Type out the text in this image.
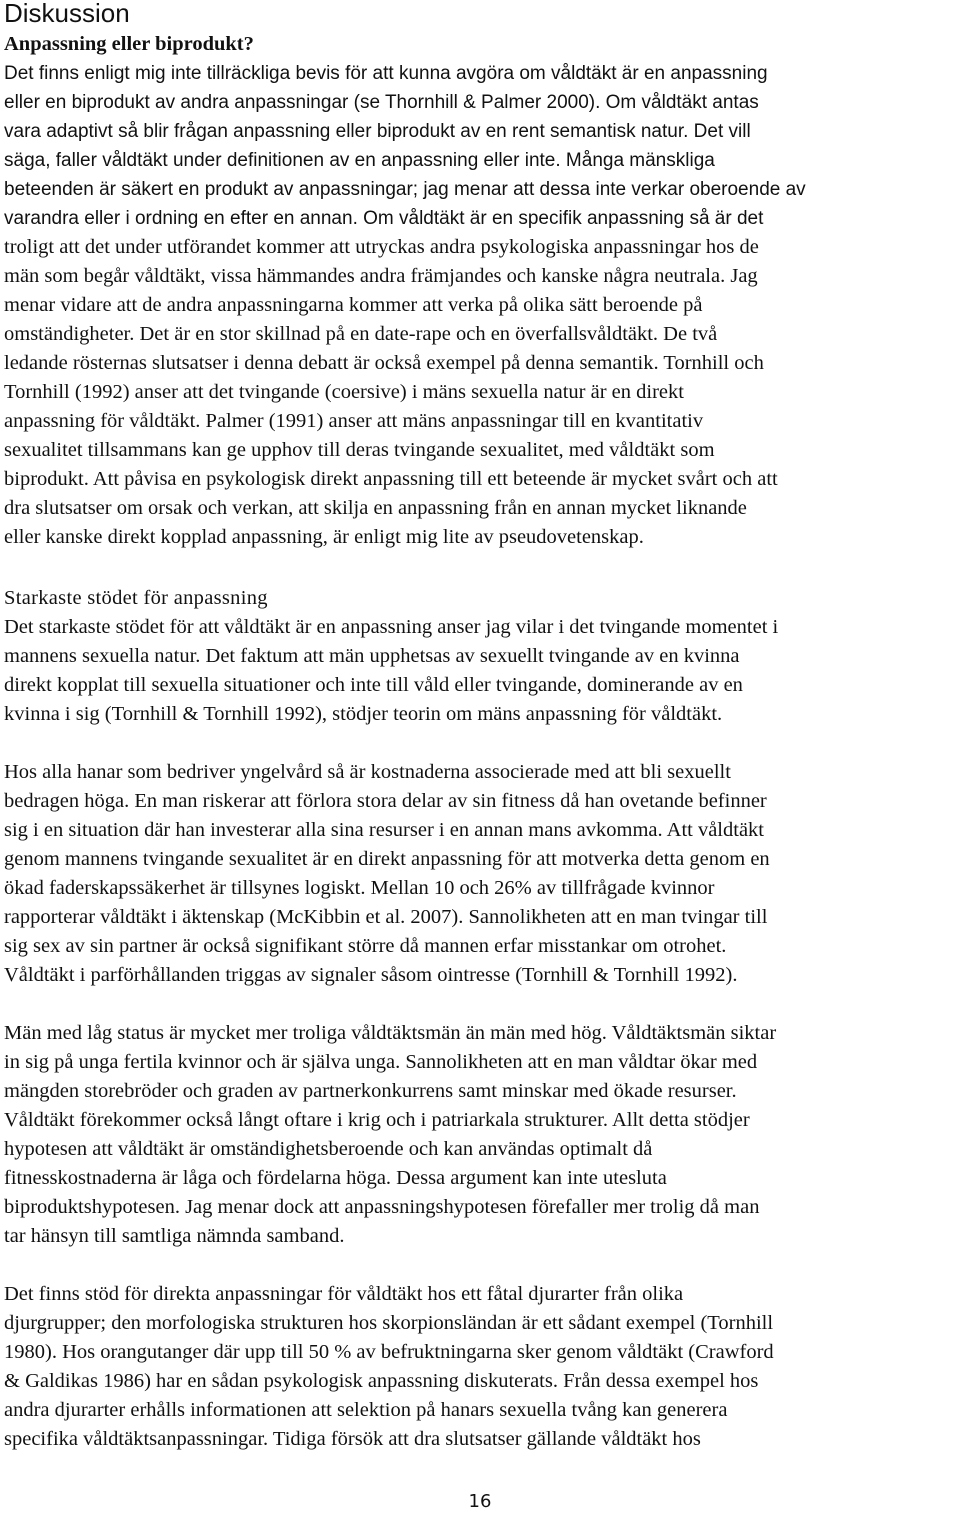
Diskussion
Anpassning eller biprodukt?
Det finns enligt mig inte tillräckliga bevis för att kunna avgöra om våldtäkt är en anpassning
eller en biprodukt av andra anpassningar (se Thornhill & Palmer 2000). Om våldtäkt antas
vara adaptivt så blir frågan anpassning eller biprodukt av en rent semantisk natur. Det vill
säga, faller våldtäkt under definitionen av en anpassning eller inte. Många mänskliga
beteenden är säkert en produkt av anpassningar; jag menar att dessa inte verkar oberoende av
varandra eller i ordning en efter en annan. Om våldtäkt är en specifik anpassning så är det
troligt att det under utförandet kommer att utryckas andra psykologiska anpassningar hos de
män som begår våldtäkt, vissa hämmandes andra främjandes och kanske några neutrala. Jag
menar vidare att de andra anpassningarna kommer att verka på olika sätt beroende på
omständigheter. Det är en stor skillnad på en date-rape och en överfallsvåldtäkt. De två
ledande rösternas slutsatser i denna debatt är också exempel på denna semantik. Tornhill och
Tornhill (1992) anser att det tvingande (coersive) i mäns sexuella natur är en direkt
anpassning för våldtäkt. Palmer (1991) anser att mäns anpassningar till en kvantitativ
sexualitet tillsammans kan ge upphov till deras tvingande sexualitet, med våldtäkt som
biprodukt. Att påvisa en psykologisk direkt anpassning till ett beteende är mycket svårt och att
dra slutsatser om orsak och verkan, att skilja en anpassning från en annan mycket liknande
eller kanske direkt kopplad anpassning, är enligt mig lite av pseudovetenskap.
Starkaste stödet för anpassning
Det starkaste stödet för att våldtäkt är en anpassning anser jag vilar i det tvingande momentet i
mannens sexuella natur. Det faktum att män upphetsas av sexuellt tvingande av en kvinna
direkt kopplat till sexuella situationer och inte till våld eller tvingande, dominerande av en
kvinna i sig (Tornhill & Tornhill 1992), stödjer teorin om mäns anpassning för våldtäkt.
Hos alla hanar som bedriver yngelvård så är kostnaderna associerade med att bli sexuellt
bedragen höga. En man riskerar att förlora stora delar av sin fitness då han ovetande befinner
sig i en situation där han investerar alla sina resurser i en annan mans avkomma. Att våldtäkt
genom mannens tvingande sexualitet är en direkt anpassning för att motverka detta genom en
ökad faderskapssäkerhet är tillsynes logiskt. Mellan 10 och 26% av tillfrågade kvinnor
rapporterar våldtäkt i äktenskap (McKibbin et al. 2007). Sannolikheten att en man tvingar till
sig sex av sin partner är också signifikant större då mannen erfar misstankar om otrohet.
Våldtäkt i parförhållanden triggas av signaler såsom ointresse (Tornhill & Tornhill 1992).
Män med låg status är mycket mer troliga våldtäktsmän än män med hög. Våldtäktsmän siktar
in sig på unga fertila kvinnor och är själva unga. Sannolikheten att en man våldtar ökar med
mängden storebröder och graden av partnerkonkurrens samt minskar med ökade resurser.
Våldtäkt förekommer också långt oftare i krig och i patriarkala strukturer. Allt detta stödjer
hypotesen att våldtäkt är omständighetsberoende och kan användas optimalt då
fitnesskostnaderna är låga och fördelarna höga. Dessa argument kan inte utesluta
biproduktshypotesen. Jag menar dock att anpassningshypotesen förefaller mer trolig då man
tar hänsyn till samtliga nämnda samband.
Det finns stöd för direkta anpassningar för våldtäkt hos ett fåtal djurarter från olika
djurgrupper; den morfologiska strukturen hos skorpionsländan är ett sådant exempel (Tornhill
1980). Hos orangutanger där upp till 50 % av befruktningarna sker genom våldtäkt (Crawford
& Galdikas 1986) har en sådan psykologisk anpassning diskuterats. Från dessa exempel hos
andra djurarter erhålls informationen att selektion på hanars sexuella tvång kan generera
specifika våldtäktsanpassningar. Tidiga försök att dra slutsatser gällande våldtäkt hos
16
